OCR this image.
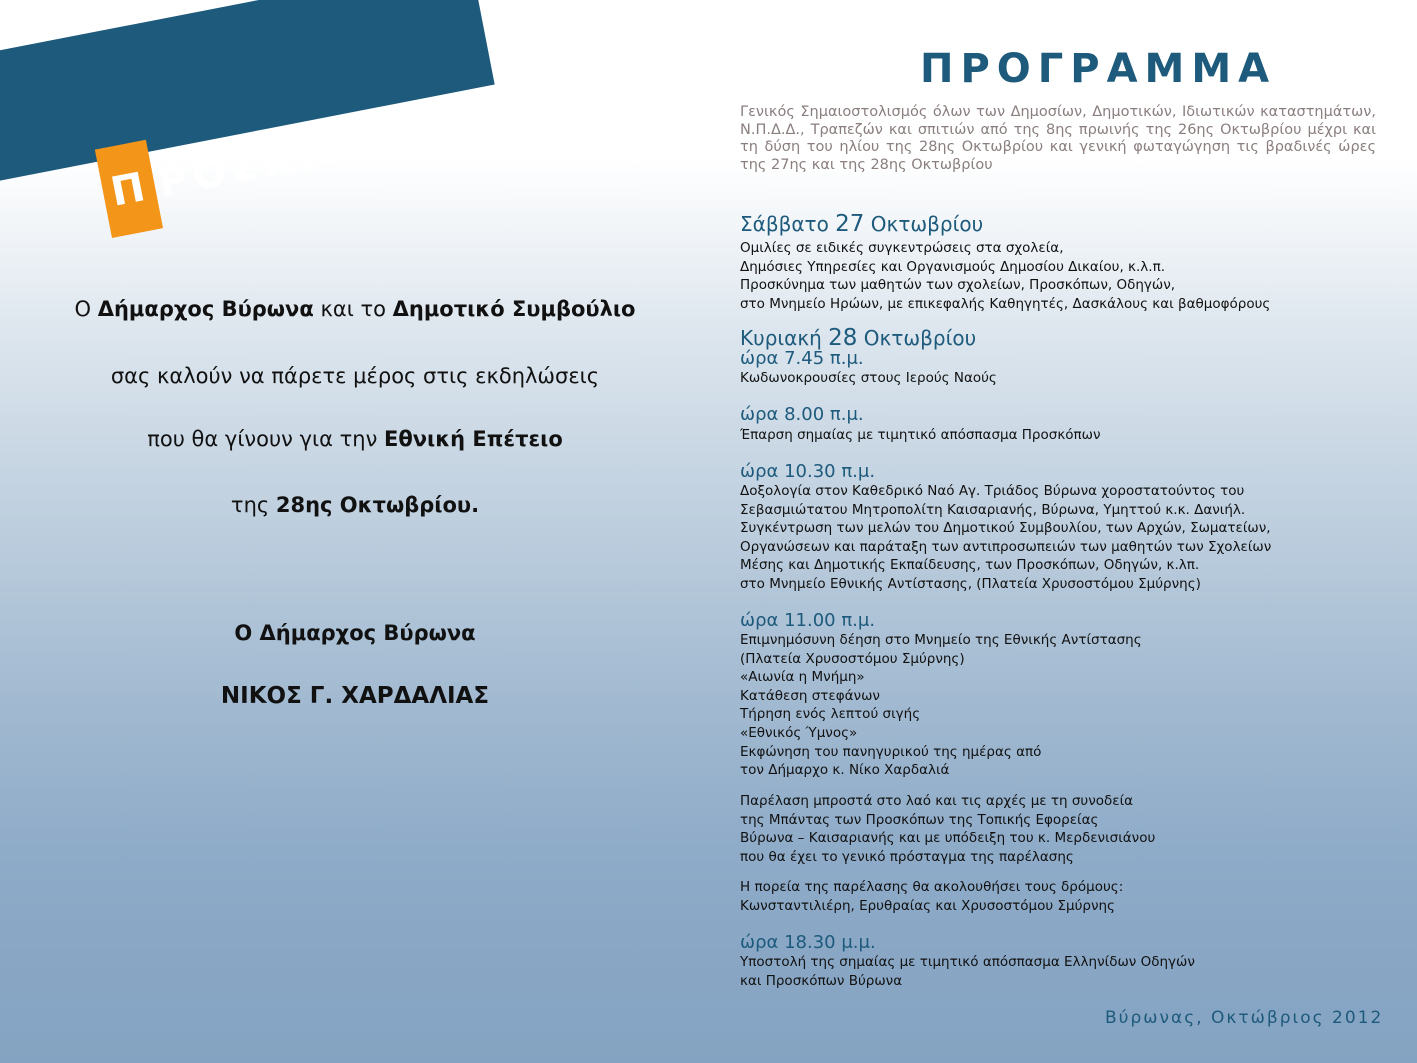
ΠΡΟΣΚΛΗΣΗ
Ο Δήμαρχος Βύρωνα και το Δημοτικό Συμβούλιο
σας καλούν να πάρετε μέρος στις εκδηλώσεις
που θα γίνουν για την Εθνική Επέτειο
της 28ης Οκτωβρίου.
Ο Δήμαρχος Βύρωνα
ΝΙΚΟΣ Γ. ΧΑΡΔΑΛΙΑΣ
ΠΡΟΓΡΑΜΜΑ
Γενικός Σημαιοστολισμός όλων των Δημοσίων, Δημοτικών, Ιδιωτικών καταστημάτων, Ν.Π.Δ.Δ., Τραπεζών και σπιτιών από της 8ης πρωινής της 26ης Οκτωβρίου μέχρι και τη δύση του ηλίου της 28ης Οκτωβρίου και γενική φωταγώγηση τις βραδινές ώρες της 27ης και της 28ης Οκτωβρίου
Σάββατο 27 Οκτωβρίου
Ομιλίες σε ειδικές συγκεντρώσεις στα σχολεία,
Δημόσιες Υπηρεσίες και Οργανισμούς Δημοσίου Δικαίου, κ.λ.π.
Προσκύνημα των μαθητών των σχολείων, Προσκόπων, Οδηγών,
στο Μνημείο Ηρώων, με επικεφαλής Καθηγητές, Δασκάλους και βαθμοφόρους
Κυριακή 28 Οκτωβρίου
ώρα 7.45 π.μ.
Κωδωνοκρουσίες στους Ιερούς Ναούς
ώρα 8.00 π.μ.
Έπαρση σημαίας με τιμητικό απόσπασμα Προσκόπων
ώρα 10.30 π.μ.
Δοξολογία στον Καθεδρικό Ναό Αγ. Τριάδος Βύρωνα χοροστατούντος του
Σεβασμιώτατου Μητροπολίτη Καισαριανής, Βύρωνα, Υμηττού κ.κ. Δανιήλ.
Συγκέντρωση των μελών του Δημοτικού Συμβουλίου, των Αρχών, Σωματείων,
Οργανώσεων και παράταξη των αντιπροσωπειών των μαθητών των Σχολείων
Μέσης και Δημοτικής Εκπαίδευσης, των Προσκόπων, Οδηγών, κ.λπ.
στο Μνημείο Εθνικής Αντίστασης, (Πλατεία Χρυσοστόμου Σμύρνης)
ώρα 11.00 π.μ.
Επιμνημόσυνη δέηση στο Μνημείο της Εθνικής Αντίστασης
(Πλατεία Χρυσοστόμου Σμύρνης)
«Αιωνία η Μνήμη»
Κατάθεση στεφάνων
Τήρηση ενός λεπτού σιγής
«Εθνικός Ύμνος»
Εκφώνηση του πανηγυρικού της ημέρας από
τον Δήμαρχο κ. Νίκο Χαρδαλιά
Παρέλαση μπροστά στο λαό και τις αρχές με τη συνοδεία
της Μπάντας των Προσκόπων της Τοπικής Εφορείας
Βύρωνα – Καισαριανής και με υπόδειξη του κ. Μερδενισιάνου
που θα έχει το γενικό πρόσταγμα της παρέλασης
Η πορεία της παρέλασης θα ακολουθήσει τους δρόμους:
Κωνσταντιλιέρη, Ερυθραίας και Χρυσοστόμου Σμύρνης
ώρα 18.30 μ.μ.
Υποστολή της σημαίας με τιμητικό απόσπασμα Ελληνίδων Οδηγών
και Προσκόπων Βύρωνα
Βύρωνας, Οκτώβριος 2012
